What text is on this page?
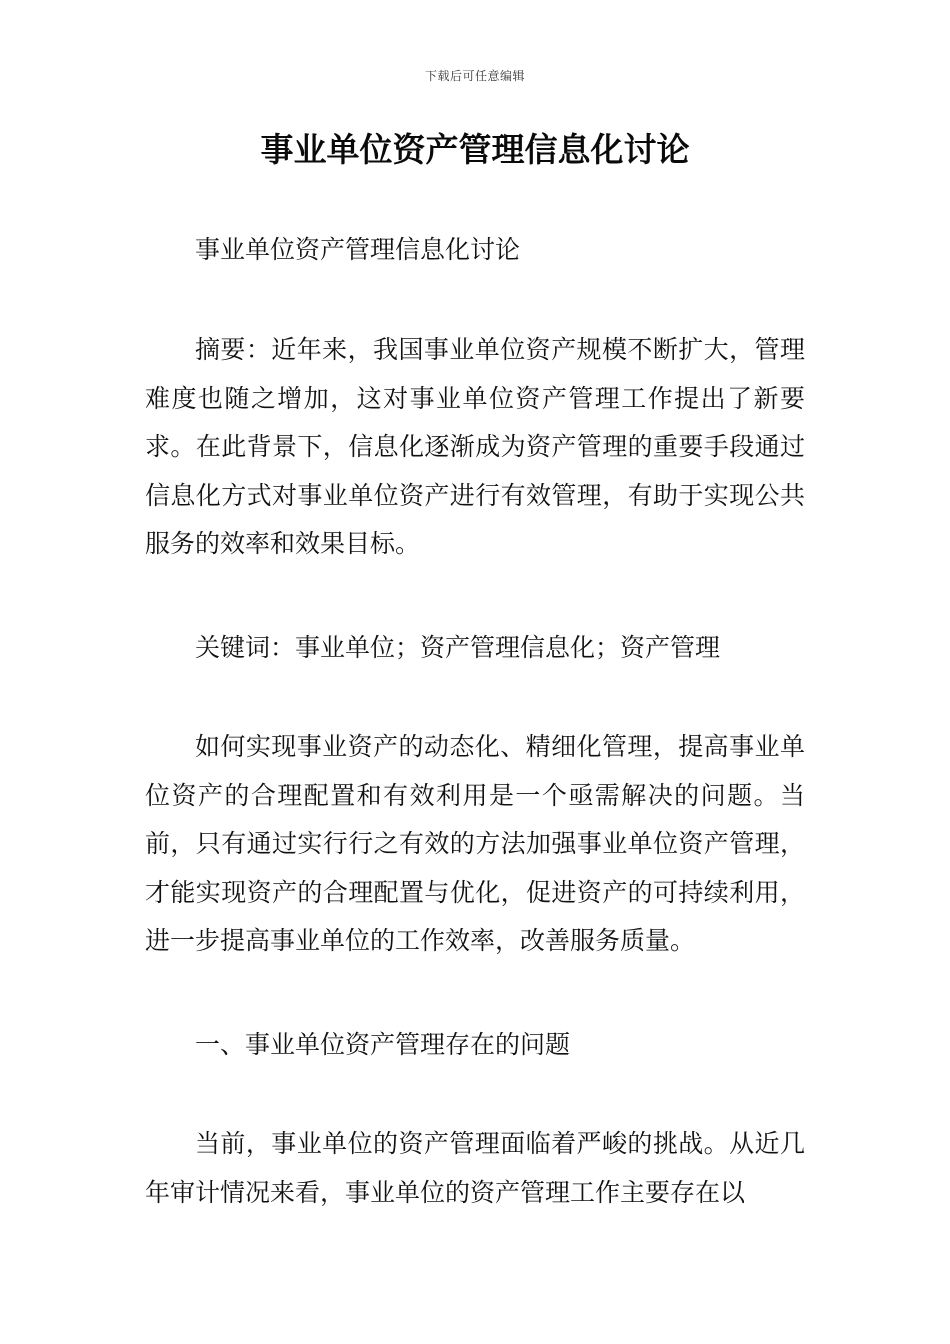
下载后可任意编辑
事业单位资产管理信息化讨论

事业单位资产管理信息化讨论

摘要：近年来，我国事业单位资产规模不断扩大，管理难度也随之增加，这对事业单位资产管理工作提出了新要求。在此背景下，信息化逐渐成为资产管理的重要手段通过信息化方式对事业单位资产进行有效管理，有助于实现公共服务的效率和效果目标。

关键词：事业单位；资产管理信息化；资产管理

如何实现事业资产的动态化、精细化管理，提高事业单位资产的合理配置和有效利用是一个亟需解决的问题。当前，只有通过实行行之有效的方法加强事业单位资产管理，才能实现资产的合理配置与优化，促进资产的可持续利用，进一步提高事业单位的工作效率，改善服务质量。

一、事业单位资产管理存在的问题

当前，事业单位的资产管理面临着严峻的挑战。从近几年审计情况来看，事业单位的资产管理工作主要存在以
